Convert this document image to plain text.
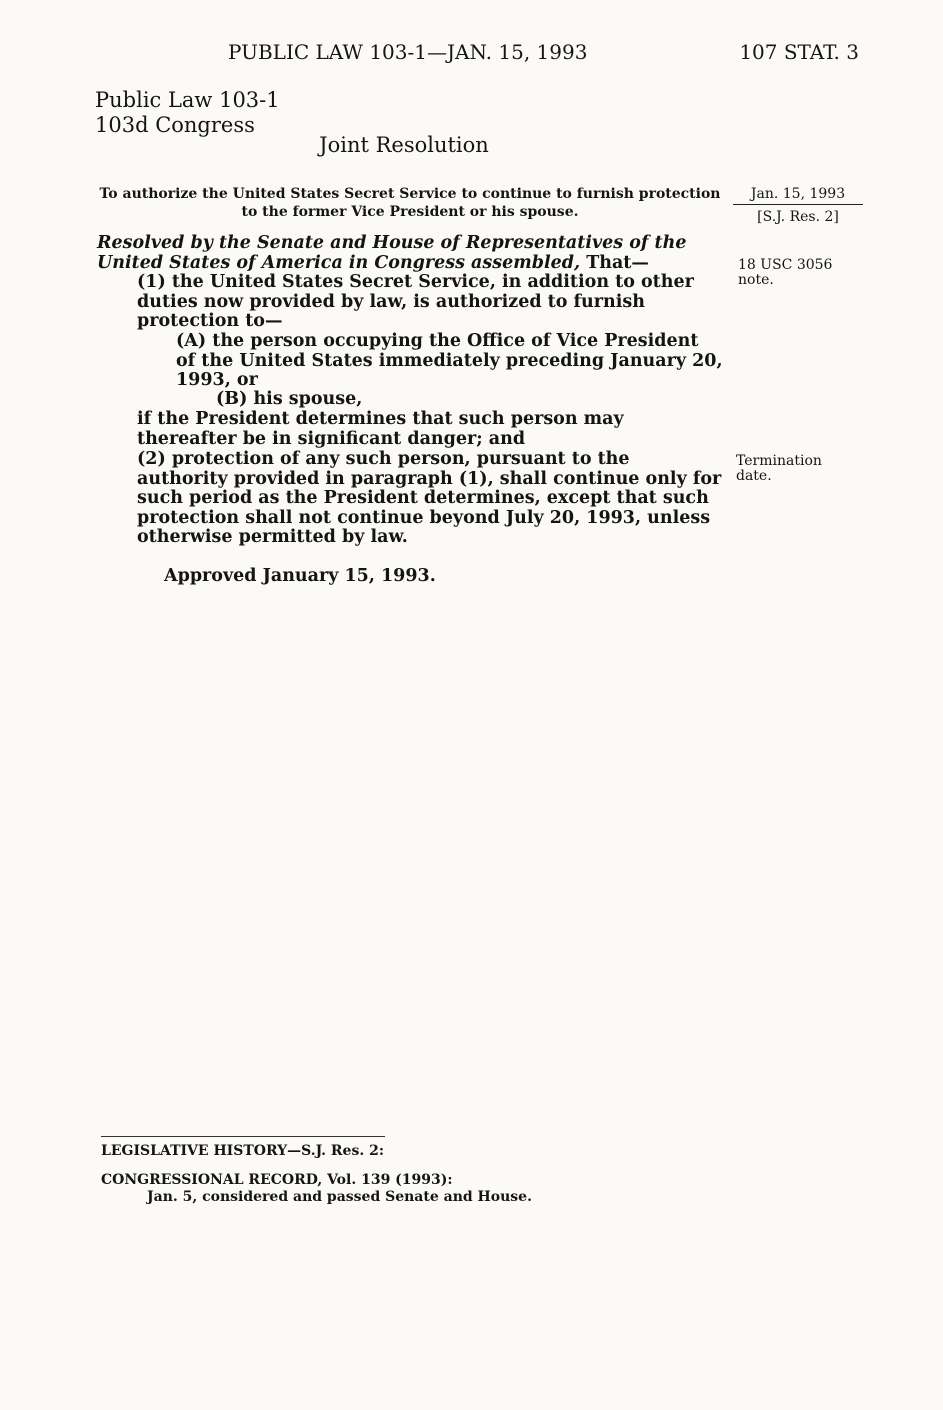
PUBLIC LAW 103-1—JAN. 15, 1993	107 STAT. 3
Public Law 103-1
103d Congress
Joint Resolution
To authorize the United States Secret Service to continue to furnish protection to the former Vice President or his spouse.
Jan. 15, 1993
[S.J. Res. 2]
Resolved by the Senate and House of Representatives of the United States of America in Congress assembled, That—	18 USC 3056 note.
(1) the United States Secret Service, in addition to other duties now provided by law, is authorized to furnish protection to—
(A) the person occupying the Office of Vice President of the United States immediately preceding January 20, 1993, or
(B) his spouse,
if the President determines that such person may thereafter be in significant danger; and
(2) protection of any such person, pursuant to the authority provided in paragraph (1), shall continue only for such period as the President determines, except that such protection shall not continue beyond July 20, 1993, unless otherwise permitted by law.
Termination date.
Approved January 15, 1993.
LEGISLATIVE HISTORY—S.J. Res. 2:
CONGRESSIONAL RECORD, Vol. 139 (1993):
Jan. 5, considered and passed Senate and House.
